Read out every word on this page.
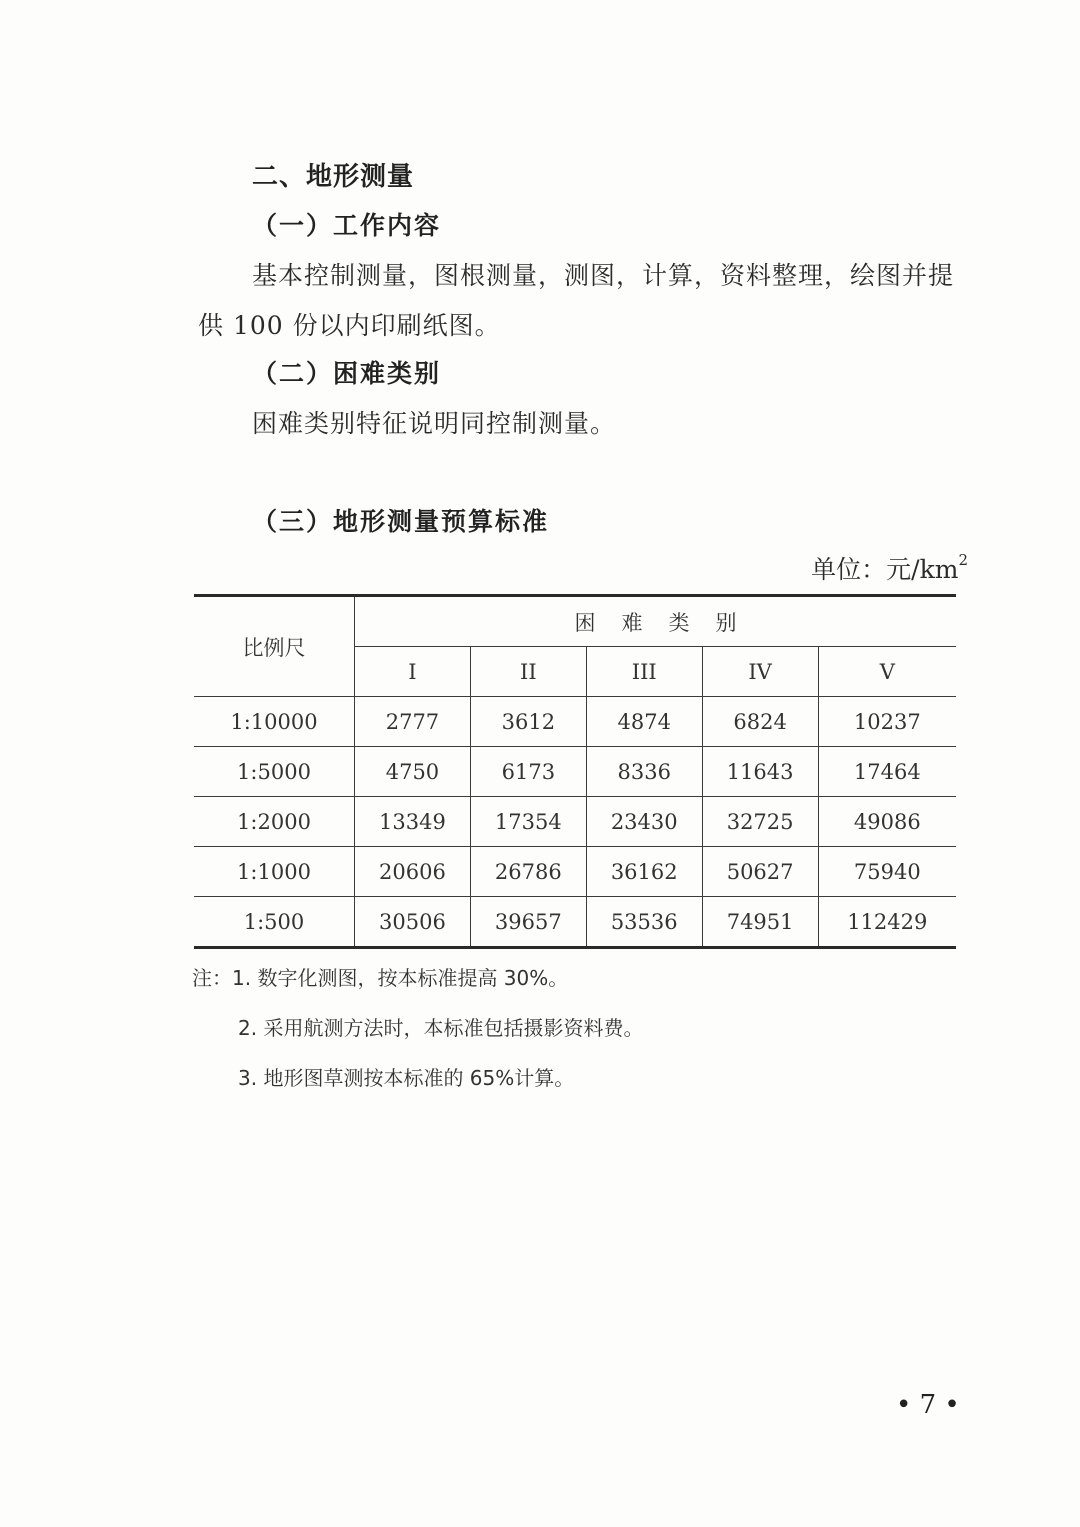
二、地形测量
（一）工作内容
基本控制测量，图根测量，测图，计算，资料整理，绘图并提
供 100 份以内印刷纸图。
（二）困难类别
困难类别特征说明同控制测量。
（三）地形测量预算标准
单位：元$/km^2$
比例尺	困难类别				
	I	II	III	IV	V
1:10000	2777	3612	4874	6824	10237
1:5000	4750	6173	8336	11643	17464
1:2000	13349	17354	23430	32725	49086
1:1000	20606	26786	36162	50627	75940
1:500	30506	39657	53536	74951	112429
注：1. 数字化测图，按本标准提高 30%。
2. 采用航测方法时，本标准包括摄影资料费。
3. 地形图草测按本标准的 65%计算。
• 7 •
